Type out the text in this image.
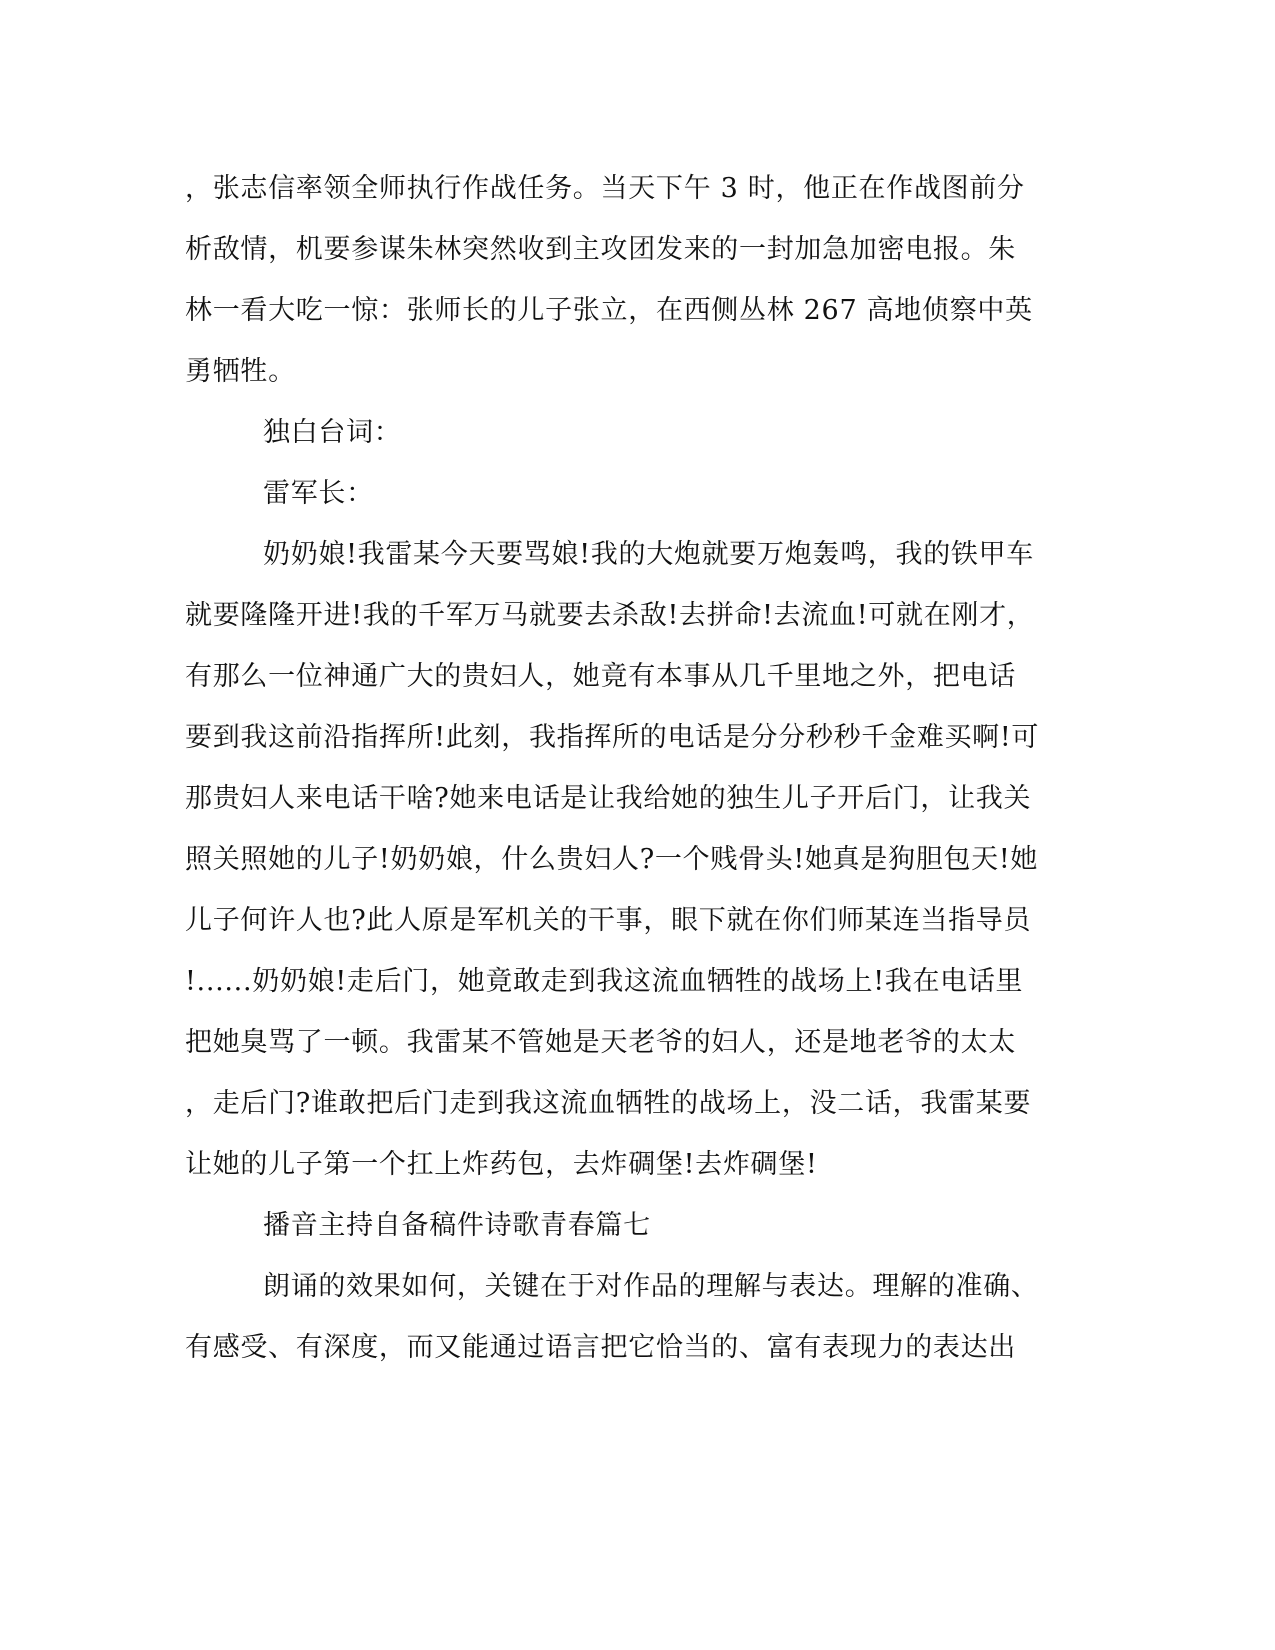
，张志信率领全师执行作战任务。当天下午 3 时，他正在作战图前分
析敌情，机要参谋朱林突然收到主攻团发来的一封加急加密电报。朱
林一看大吃一惊：张师长的儿子张立，在西侧丛林 267 高地侦察中英
勇牺牲。
独白台词：
雷军长：
奶奶娘!我雷某今天要骂娘!我的大炮就要万炮轰鸣，我的铁甲车
就要隆隆开进!我的千军万马就要去杀敌!去拼命!去流血!可就在刚才，
有那么一位神通广大的贵妇人，她竟有本事从几千里地之外，把电话
要到我这前沿指挥所!此刻，我指挥所的电话是分分秒秒千金难买啊!可
那贵妇人来电话干啥?她来电话是让我给她的独生儿子开后门，让我关
照关照她的儿子!奶奶娘，什么贵妇人?一个贱骨头!她真是狗胆包天!她
儿子何许人也?此人原是军机关的干事，眼下就在你们师某连当指导员
!......奶奶娘!走后门，她竟敢走到我这流血牺牲的战场上!我在电话里
把她臭骂了一顿。我雷某不管她是天老爷的妇人，还是地老爷的太太
，走后门?谁敢把后门走到我这流血牺牲的战场上，没二话，我雷某要
让她的儿子第一个扛上炸药包，去炸碉堡!去炸碉堡!
播音主持自备稿件诗歌青春篇七
朗诵的效果如何，关键在于对作品的理解与表达。理解的准确、
有感受、有深度，而又能通过语言把它恰当的、富有表现力的表达出
